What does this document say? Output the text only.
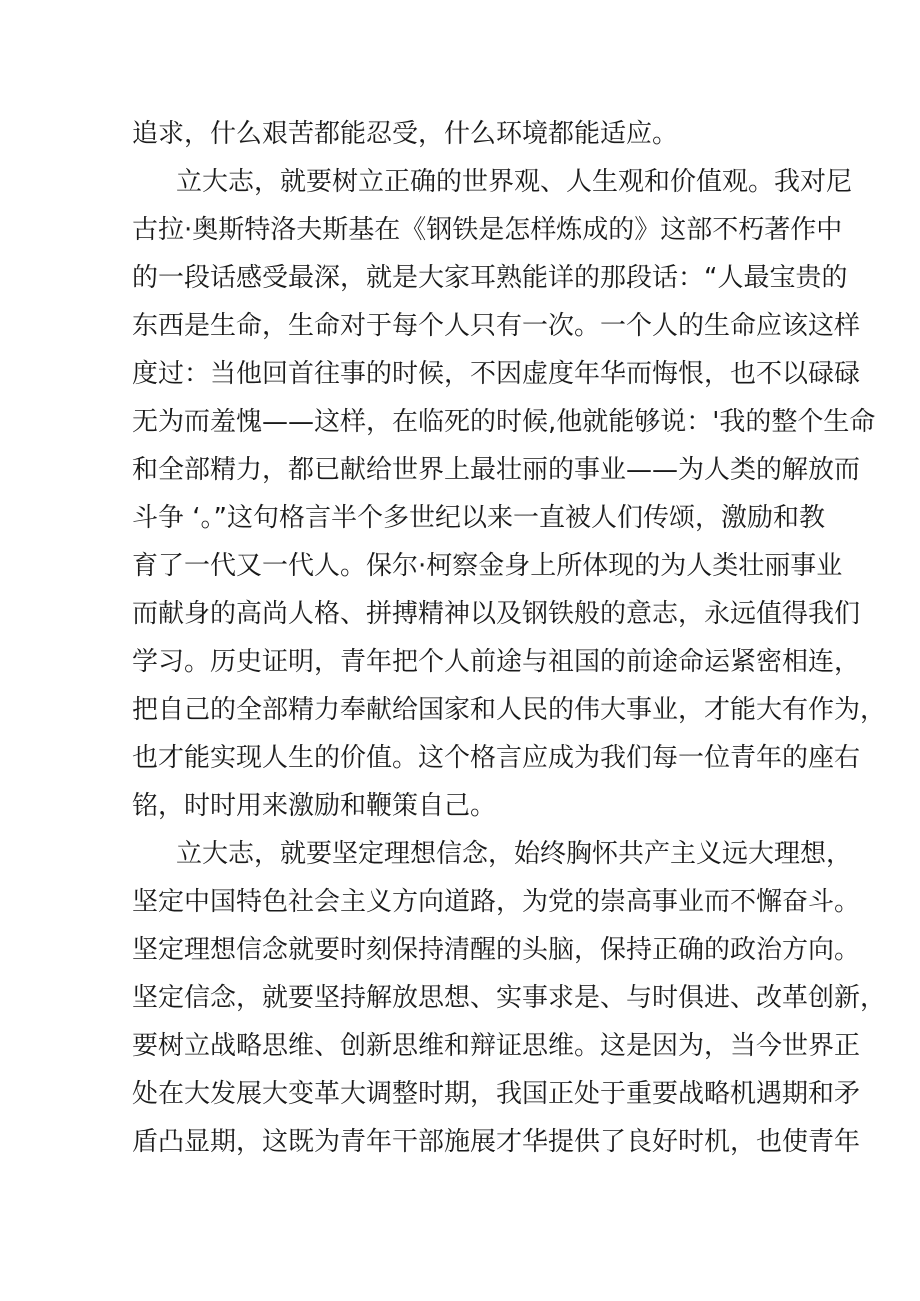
追求，什么艰苦都能忍受，什么环境都能适应。
立大志，就要树立正确的世界观、人生观和价值观。我对尼
古拉·奥斯特洛夫斯基在《钢铁是怎样炼成的》这部不朽著作中
的一段话感受最深，就是大家耳熟能详的那段话：“人最宝贵的
东西是生命，生命对于每个人只有一次。一个人的生命应该这样
度过：当他回首往事的时候，不因虚度年华而悔恨，也不以碌碌
无为而羞愧——这样，在临死的时候,他就能够说：'我的整个生命
和全部精力，都已献给世界上最壮丽的事业——为人类的解放而
斗争 ‘。”这句格言半个多世纪以来一直被人们传颂，激励和教
育了一代又一代人。保尔·柯察金身上所体现的为人类壮丽事业
而献身的高尚人格、拼搏精神以及钢铁般的意志，永远值得我们
学习。历史证明，青年把个人前途与祖国的前途命运紧密相连，
把自己的全部精力奉献给国家和人民的伟大事业，才能大有作为，
也才能实现人生的价值。这个格言应成为我们每一位青年的座右
铭，时时用来激励和鞭策自己。
立大志，就要坚定理想信念，始终胸怀共产主义远大理想，
坚定中国特色社会主义方向道路，为党的崇高事业而不懈奋斗。
坚定理想信念就要时刻保持清醒的头脑，保持正确的政治方向。
坚定信念，就要坚持解放思想、实事求是、与时俱进、改革创新，
要树立战略思维、创新思维和辩证思维。这是因为，当今世界正
处在大发展大变革大调整时期，我国正处于重要战略机遇期和矛
盾凸显期，这既为青年干部施展才华提供了良好时机，也使青年
